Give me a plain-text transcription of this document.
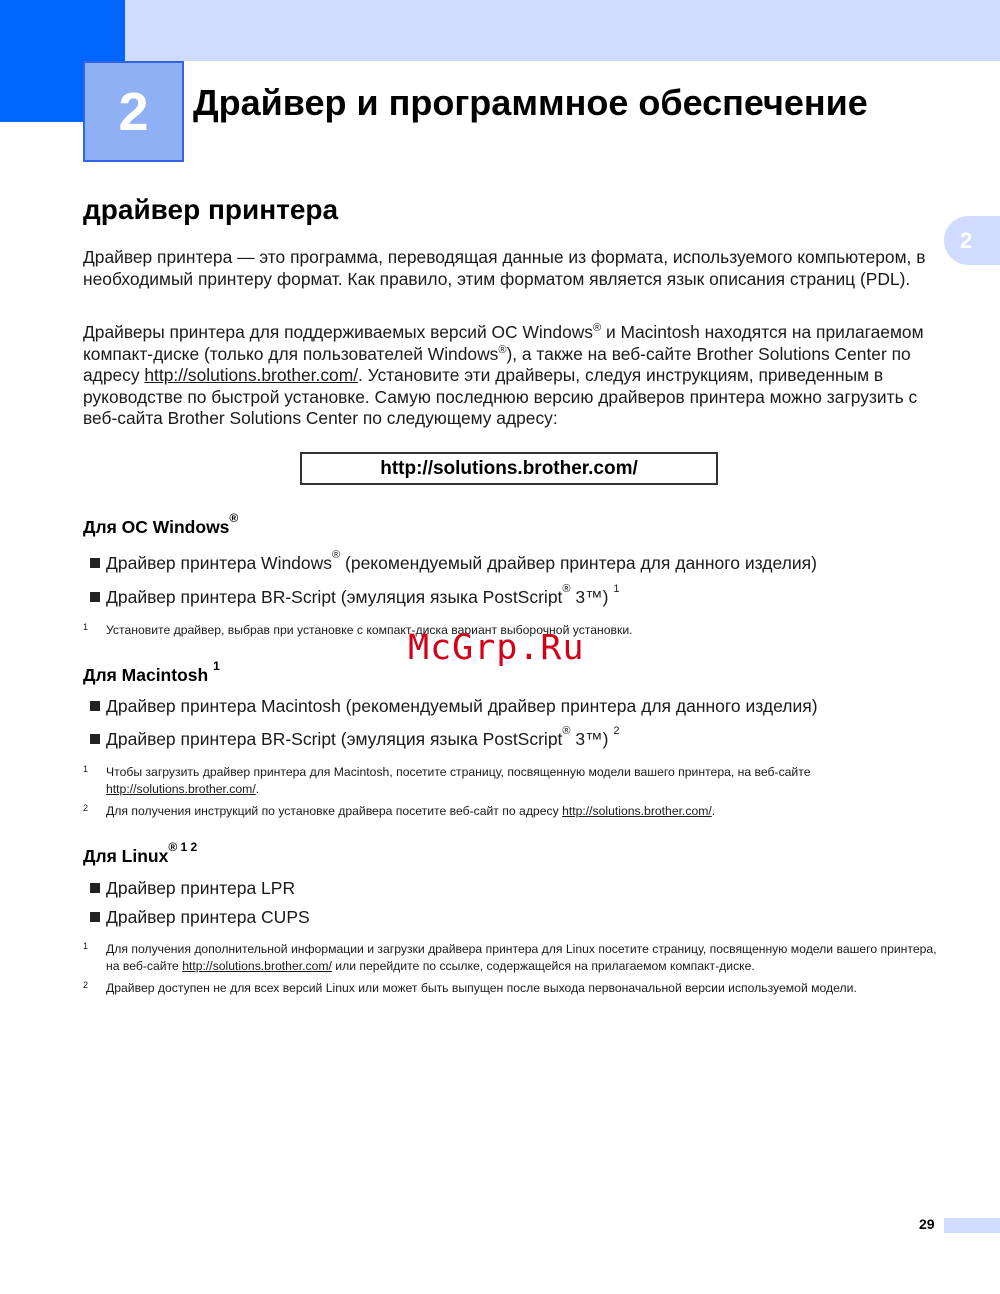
2 Драйвер и программное обеспечение
2
драйвер принтера

Драйвер принтера — это программа, переводящая данные из формата, используемого компьютером, в необходимый принтеру формат. Как правило, этим форматом является язык описания страниц (PDL).

Драйверы принтера для поддерживаемых версий ОС Windows® и Macintosh находятся на прилагаемом компакт-диске (только для пользователей Windows®), а также на веб-сайте Brother Solutions Center по адресу http://solutions.brother.com/. Установите эти драйверы, следуя инструкциям, приведенным в руководстве по быстрой установке. Самую последнюю версию драйверов принтера можно загрузить с веб-сайта Brother Solutions Center по следующему адресу:

http://solutions.brother.com/
Для ОС Windows®
Драйвер принтера Windows® (рекомендуемый драйвер принтера для данного изделия)
Драйвер принтера BR-Script (эмуляция языка PostScript® 3™) $^1$
1 Установите драйвер, выбрав при установке с компакт-диска вариант выборочной установки.
Для Macintosh $^1$
Драйвер принтера Macintosh (рекомендуемый драйвер принтера для данного изделия)
Драйвер принтера BR-Script (эмуляция языка PostScript® 3™) $^2$
1 Чтобы загрузить драйвер принтера для Macintosh, посетите страницу, посвященную модели вашего принтера, на веб-сайте http://solutions.brother.com/.
2 Для получения инструкций по установке драйвера посетите веб-сайт по адресу http://solutions.brother.com/.
Для Linux® $^{1 2}$
Драйвер принтера LPR
Драйвер принтера CUPS
1 Для получения дополнительной информации и загрузки драйвера принтера для Linux посетите страницу, посвященную модели вашего принтера, на веб-сайте http://solutions.brother.com/ или перейдите по ссылке, содержащейся на прилагаемом компакт-диске.
2 Драйвер доступен не для всех версий Linux или может быть выпущен после выхода первоначальной версии используемой модели.
McGrp.Ru
29
